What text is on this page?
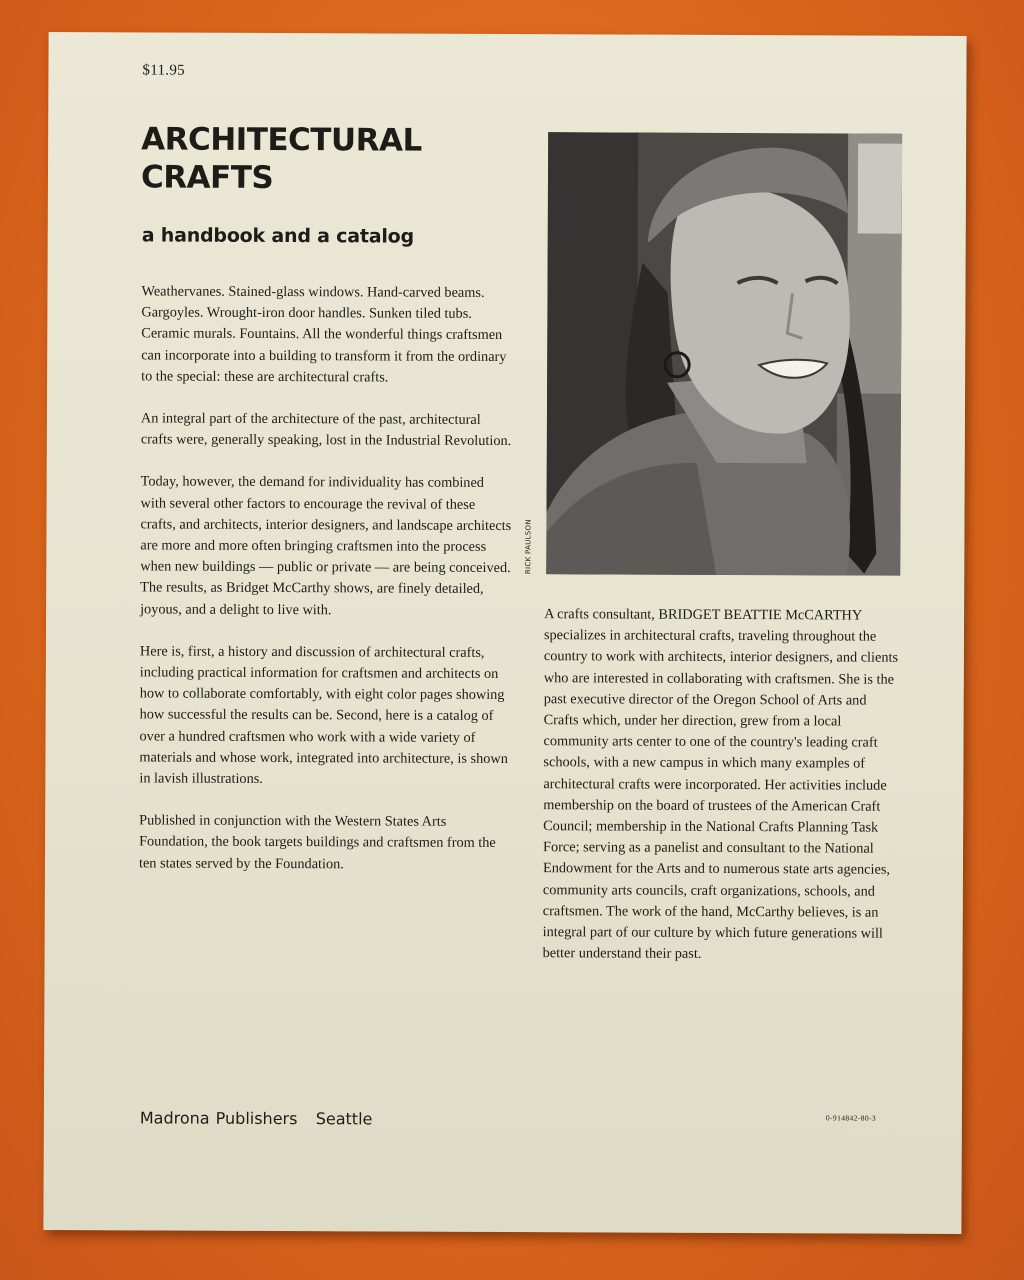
$11.95
ARCHITECTURAL
CRAFTS
a handbook and a catalog

Weathervanes. Stained-glass windows. Hand-carved beams. Gargoyles. Wrought-iron door handles. Sunken tiled tubs. Ceramic murals. Fountains. All the wonderful things craftsmen can incorporate into a building to transform it from the ordinary to the special: these are architectural crafts.

An integral part of the architecture of the past, architectural crafts were, generally speaking, lost in the Industrial Revolution.

Today, however, the demand for individuality has combined with several other factors to encourage the revival of these crafts, and architects, interior designers, and landscape architects are more and more often bringing craftsmen into the process when new buildings — public or private — are being conceived. The results, as Bridget McCarthy shows, are finely detailed, joyous, and a delight to live with.

Here is, first, a history and discussion of architectural crafts, including practical information for craftsmen and architects on how to collaborate comfortably, with eight color pages showing how successful the results can be. Second, here is a catalog of over a hundred craftsmen who work with a wide variety of materials and whose work, integrated into architecture, is shown in lavish illustrations.

Published in conjunction with the Western States Arts Foundation, the book targets buildings and craftsmen from the ten states served by the Foundation.

RICK PAULSON

A crafts consultant, BRIDGET BEATTIE McCARTHY specializes in architectural crafts, traveling throughout the country to work with architects, interior designers, and clients who are interested in collaborating with craftsmen. She is the past executive director of the Oregon School of Arts and Crafts which, under her direction, grew from a local community arts center to one of the country's leading craft schools, with a new campus in which many examples of architectural crafts were incorporated. Her activities include membership on the board of trustees of the American Craft Council; membership in the National Crafts Planning Task Force; serving as a panelist and consultant to the National Endowment for the Arts and to numerous state arts agencies, community arts councils, craft organizations, schools, and craftsmen. The work of the hand, McCarthy believes, is an integral part of our culture by which future generations will better understand their past.

Madrona Publishers Seattle	0-914842-80-3
